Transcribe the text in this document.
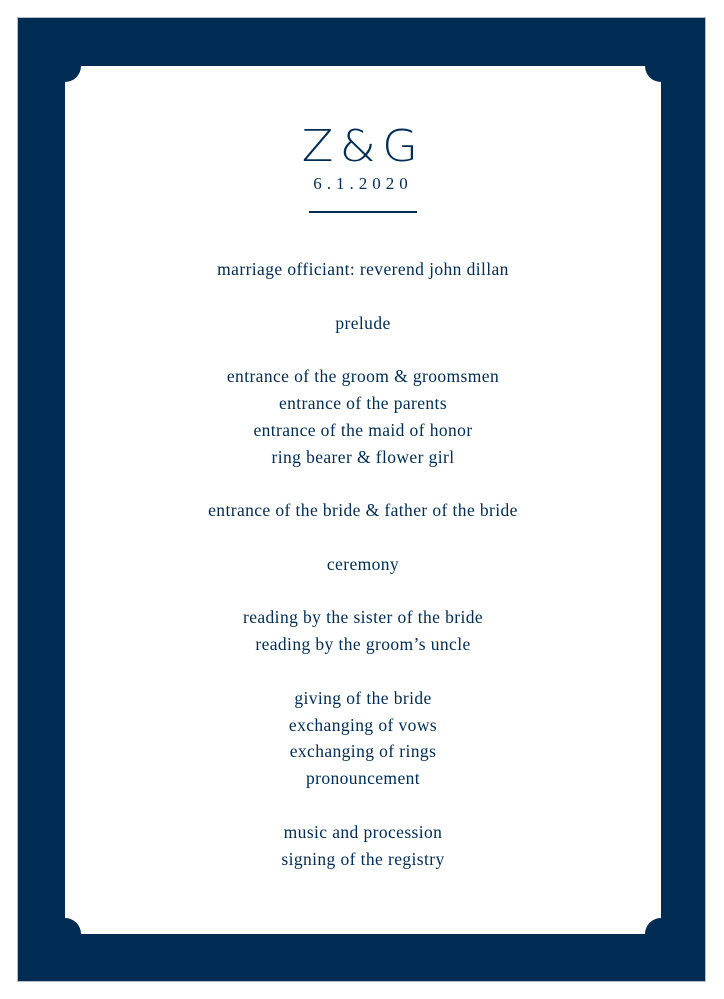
Z&G
6.1.2020
marriage officiant: reverend john dillan
prelude
entrance of the groom & groomsmen
entrance of the parents
entrance of the maid of honor
ring bearer & flower girl
entrance of the bride & father of the bride
ceremony
reading by the sister of the bride
reading by the groom’s uncle
giving of the bride
exchanging of vows
exchanging of rings
pronouncement
music and procession
signing of the registry
